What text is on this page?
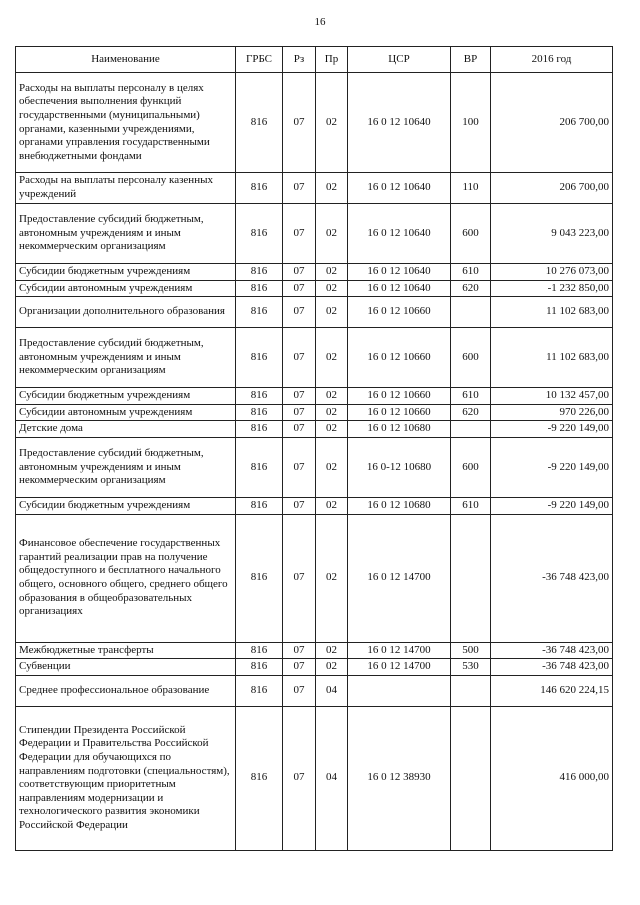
16
Наименование	ГРБС	Рз	Пр	ЦСР	ВР	2016 год
Расходы на выплаты персоналу в целях обеспечения выполнения функций государственными (муниципальными) органами, казенными учреждениями, органами управления государственными внебюджетными фондами	816	07	02	16 0 12 10640	100	206 700,00
Расходы на выплаты персоналу казенных учреждений	816	07	02	16 0 12 10640	110	206 700,00
Предоставление субсидий бюджетным, автономным учреждениям и иным некоммерческим организациям	816	07	02	16 0 12 10640	600	9 043 223,00
Субсидии бюджетным учреждениям	816	07	02	16 0 12 10640	610	10 276 073,00
Субсидии автономным учреждениям	816	07	02	16 0 12 10640	620	-1 232 850,00
Организации дополнительного образования	816	07	02	16 0 12 10660		11 102 683,00
Предоставление субсидий бюджетным, автономным учреждениям и иным некоммерческим организациям	816	07	02	16 0 12 10660	600	11 102 683,00
Субсидии бюджетным учреждениям	816	07	02	16 0 12 10660	610	10 132 457,00
Субсидии автономным учреждениям	816	07	02	16 0 12 10660	620	970 226,00
Детские дома	816	07	02	16 0 12 10680		-9 220 149,00
Предоставление субсидий бюджетным, автономным учреждениям и иным некоммерческим организациям	816	07	02	16 0-12 10680	600	-9 220 149,00
Субсидии бюджетным учреждениям	816	07	02	16 0 12 10680	610	-9 220 149,00
Финансовое обеспечение государственных гарантий реализации прав на получение общедоступного и бесплатного начального общего, основного общего, среднего общего образования в общеобразовательных организациях	816	07	02	16 0 12 14700		-36 748 423,00
Межбюджетные трансферты	816	07	02	16 0 12 14700	500	-36 748 423,00
Субвенции	816	07	02	16 0 12 14700	530	-36 748 423,00
Среднее профессиональное образование	816	07	04			146 620 224,15
Стипендии Президента Российской Федерации и Правительства Российской Федерации для обучающихся по направлениям подготовки (специальностям), соответствующим приоритетным направлениям модернизации и технологического развития экономики Российской Федерации	816	07	04	16 0 12 38930		416 000,00
